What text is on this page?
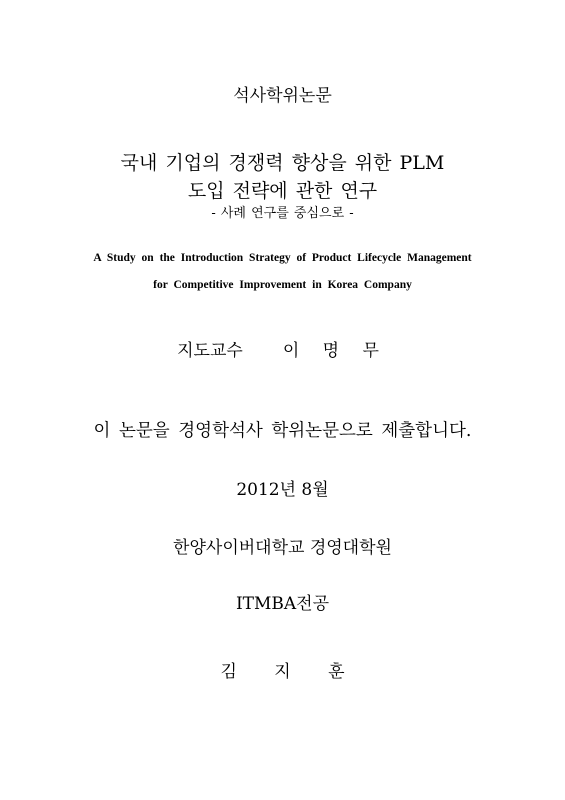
석사학위논문
국내 기업의 경쟁력 향상을 위한 PLM
도입 전략에 관한 연구
- 사례 연구를 중심으로 -
A Study on the Introduction Strategy of Product Lifecycle Management
for Competitive Improvement in Korea Company
지도교수 이 명 무
이 논문을 경영학석사 학위논문으로 제출합니다.
2012년 8월
한양사이버대학교 경영대학원
ITMBA전공
김 지 훈
